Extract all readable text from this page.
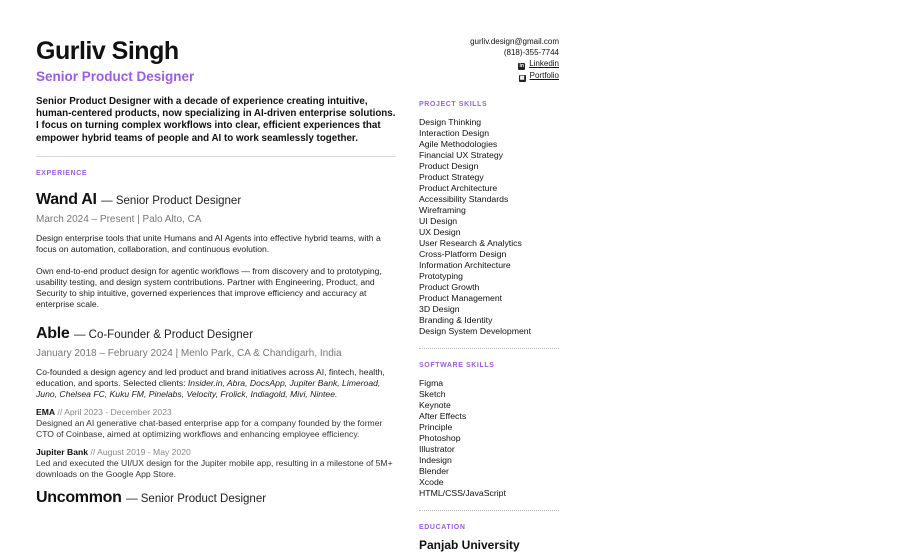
Gurliv Singh
Senior Product Designer
Senior Product Designer with a decade of experience creating intuitive, human-centered products, now specializing in AI-driven enterprise solutions. I focus on turning complex workflows into clear, efficient experiences that empower hybrid teams of people and AI to work seamlessly together.
EXPERIENCE
Wand AI — Senior Product Designer
March 2024 – Present | Palo Alto, CA
Design enterprise tools that unite Humans and AI Agents into effective hybrid teams, with a focus on automation, collaboration, and continuous evolution.
Own end-to-end product design for agentic workflows — from discovery and to prototyping, usability testing, and design system contributions. Partner with Engineering, Product, and Security to ship intuitive, governed experiences that improve efficiency and accuracy at enterprise scale.
Able — Co-Founder & Product Designer
January 2018 – February 2024 | Menlo Park, CA & Chandigarh, India
Co-founded a design agency and led product and brand initiatives across AI, fintech, health, education, and sports. Selected clients: Insider.in, Abra, DocsApp, Jupiter Bank, Limeroad, Juno, Chelsea FC, Kuku FM, Pinelabs, Velocity, Frolick, Indiagold, Mivi, Nintee.
EMA // April 2023 - December 2023
Designed an AI generative chat-based enterprise app for a company founded by the former CTO of Coinbase, aimed at optimizing workflows and enhancing employee efficiency.
Jupiter Bank // August 2019 - May 2020
Led and executed the UI/UX design for the Jupiter mobile app, resulting in a milestone of 5M+ downloads on the Google App Store.
Uncommon — Senior Product Designer
gurliv.design@gmail.com
(818)-355-7744
in Linkedin
▦ Portfolio
PROJECT SKILLS
Design Thinking
Interaction Design
Agile Methodologies
Financial UX Strategy
Product Design
Product Strategy
Product Architecture
Accessibility Standards
Wireframing
UI Design
UX Design
User Research & Analytics
Cross-Platform Design
Information Architecture
Prototyping
Product Growth
Product Management
3D Design
Branding & Identity
Design System Development
SOFTWARE SKILLS
Figma
Sketch
Keynote
After Effects
Principle
Photoshop
Illustrator
Indesign
Blender
Xcode
HTML/CSS/JavaScript
EDUCATION
Panjab University
